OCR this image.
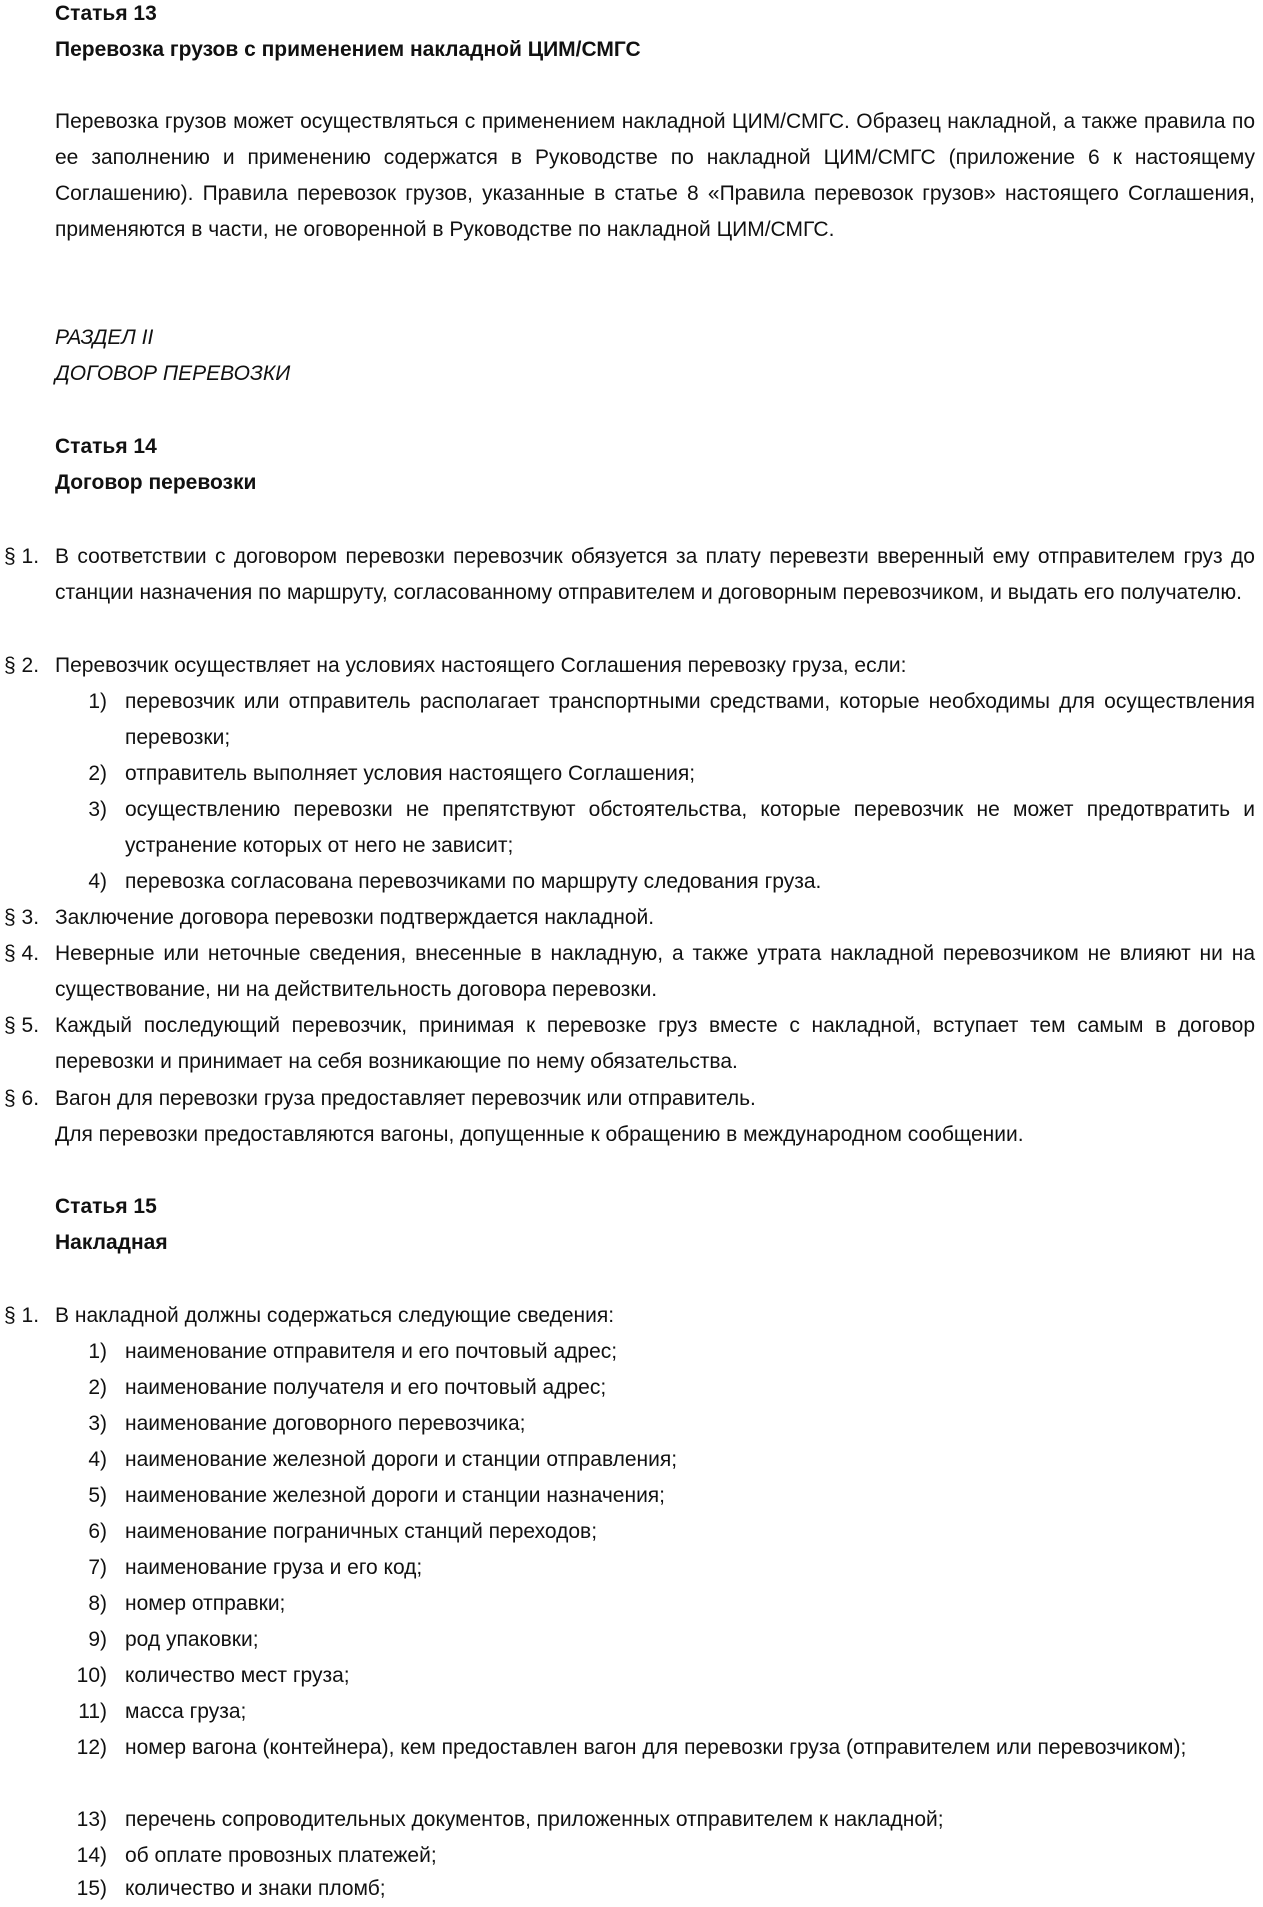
Статья 13

Перевозка грузов с применением накладной ЦИМ/СМГС

Перевозка грузов может осуществляться с применением накладной ЦИМ/СМГС. Образец накладной, а также правила по ее заполнению и применению содержатся в Руководстве по накладной ЦИМ/СМГС (приложение 6 к настоящему Соглашению). Правила перевозок грузов, указанные в статье 8 «Правила перевозок грузов» настоящего Соглашения, применяются в части, не оговоренной в Руководстве по накладной ЦИМ/СМГС.

РАЗДЕЛ II

ДОГОВОР ПЕРЕВОЗКИ

Статья 14

Договор перевозки

§ 1. В соответствии с договором перевозки перевозчик обязуется за плату перевезти вверенный ему отправителем груз до станции назначения по маршруту, согласованному отправителем и договорным перевозчиком, и выдать его получателю.
§ 2. Перевозчик осуществляет на условиях настоящего Соглашения перевозку груза, если:
1) перевозчик или отправитель располагает транспортными средствами, которые необходимы для осуществления перевозки;
2) отправитель выполняет условия настоящего Соглашения;
3) осуществлению перевозки не препятствуют обстоятельства, которые перевозчик не может предотвратить и устранение которых от него не зависит;
4) перевозка согласована перевозчиками по маршруту следования груза.
§ 3. Заключение договора перевозки подтверждается накладной.
§ 4. Неверные или неточные сведения, внесенные в накладную, а также утрата накладной перевозчиком не влияют ни на существование, ни на действительность договора перевозки.
§ 5. Каждый последующий перевозчик, принимая к перевозке груз вместе с накладной, вступает тем самым в договор перевозки и принимает на себя возникающие по нему обязательства.
§ 6. Вагон для перевозки груза предоставляет перевозчик или отправитель.

Для перевозки предоставляются вагоны, допущенные к обращению в международном сообщении.

Статья 15

Накладная

§ 1. В накладной должны содержаться следующие сведения:
1) наименование отправителя и его почтовый адрес;
2) наименование получателя и его почтовый адрес;
3) наименование договорного перевозчика;
4) наименование железной дороги и станции отправления;
5) наименование железной дороги и станции назначения;
6) наименование пограничных станций переходов;
7) наименование груза и его код;
8) номер отправки;
9) род упаковки;
10) количество мест груза;
11) масса груза;
12) номер вагона (контейнера), кем предоставлен вагон для перевозки груза (отправителем или перевозчиком);
13) перечень сопроводительных документов, приложенных отправителем к накладной;
14) об оплате провозных платежей;
15) количество и знаки пломб;
